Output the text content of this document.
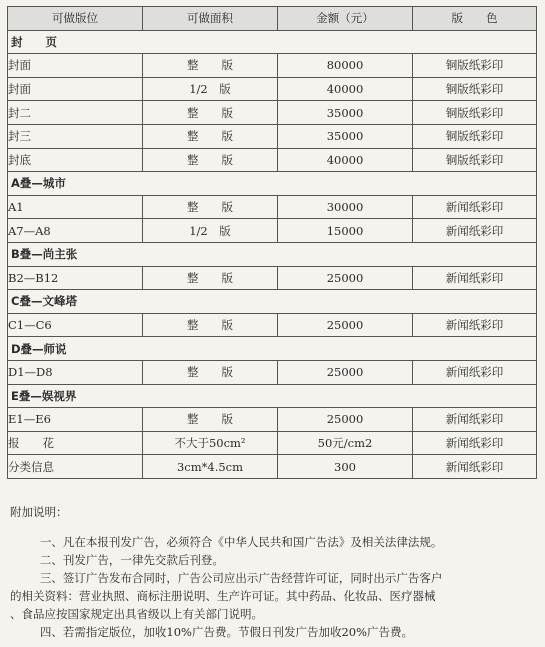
可做版位	可做面积	金额（元）	版　　色
封　　页			
封面	整　　版	80000	铜版纸彩印
封面	1/2　版	40000	铜版纸彩印
封二	整　　版	35000	铜版纸彩印
封三	整　　版	35000	铜版纸彩印
封底	整　　版	40000	铜版纸彩印
A叠—城市			
A1	整　　版	30000	新闻纸彩印
A7—A8	1/2　版	15000	新闻纸彩印
B叠—尚主张			
B2—B12	整　　版	25000	新闻纸彩印
C叠—文峰塔			
C1—C6	整　　版	25000	新闻纸彩印
D叠—师说			
D1—D8	整　　版	25000	新闻纸彩印
E叠—娱视界			
E1—E6	整　　版	25000	新闻纸彩印
报　　花	不大于50cm²	50元/cm2	新闻纸彩印
分类信息	3cm*4.5cm	300	新闻纸彩印
附加说明：

一、凡在本报刊发广告，必须符合《中华人民共和国广告法》及相关法律法规。

二、刊发广告，一律先交款后刊登。

三、签订广告发布合同时，广告公司应出示广告经营许可证，同时出示广告客户

的相关资料：营业执照、商标注册说明、生产许可证。其中药品、化妆品、医疗器械

、食品应按国家规定出具省级以上有关部门说明。

四、若需指定版位，加收10%广告费。节假日刊发广告加收20%广告费。
